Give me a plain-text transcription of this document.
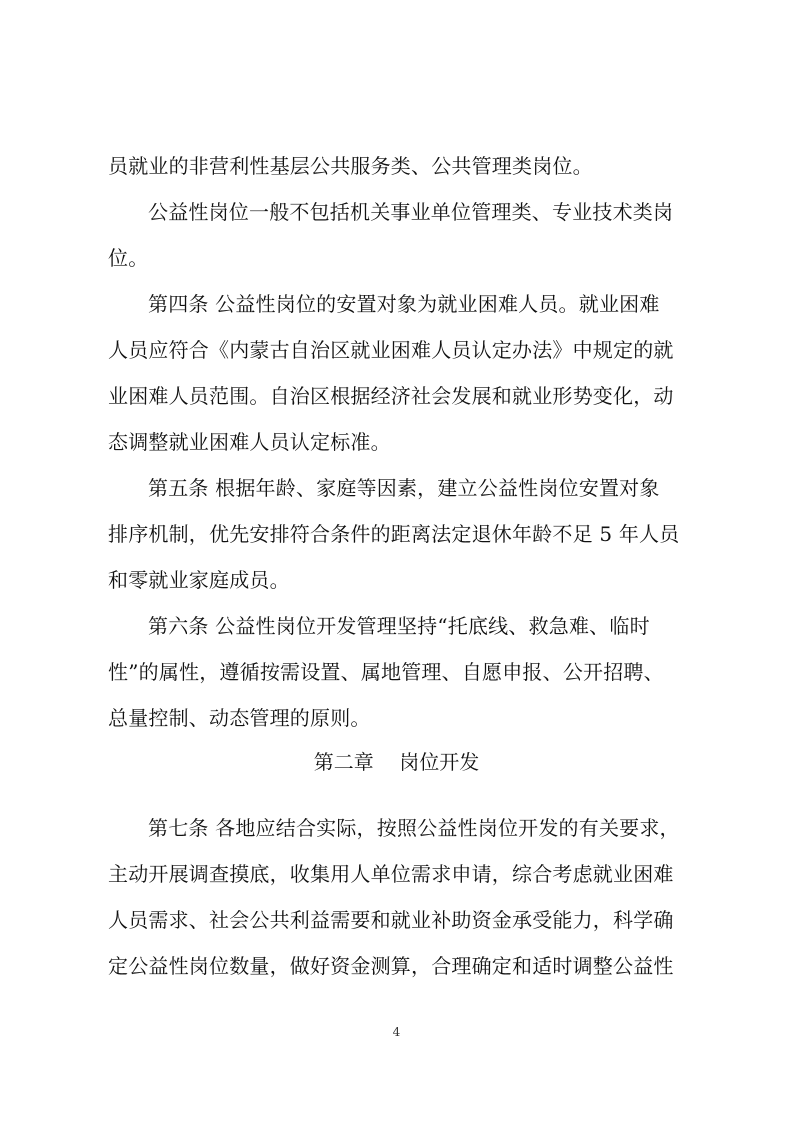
员就业的非营利性基层公共服务类、公共管理类岗位。
公益性岗位一般不包括机关事业单位管理类、专业技术类岗
位。
第四条 公益性岗位的安置对象为就业困难人员。就业困难
人员应符合《内蒙古自治区就业困难人员认定办法》中规定的就
业困难人员范围。自治区根据经济社会发展和就业形势变化，动
态调整就业困难人员认定标准。
第五条 根据年龄、家庭等因素，建立公益性岗位安置对象
排序机制，优先安排符合条件的距离法定退休年龄不足 5 年人员
和零就业家庭成员。
第六条 公益性岗位开发管理坚持“托底线、救急难、临时
性”的属性，遵循按需设置、属地管理、自愿申报、公开招聘、
总量控制、动态管理的原则。
第二章    岗位开发
第七条 各地应结合实际，按照公益性岗位开发的有关要求，
主动开展调查摸底，收集用人单位需求申请，综合考虑就业困难
人员需求、社会公共利益需要和就业补助资金承受能力，科学确
定公益性岗位数量，做好资金测算，合理确定和适时调整公益性
4
